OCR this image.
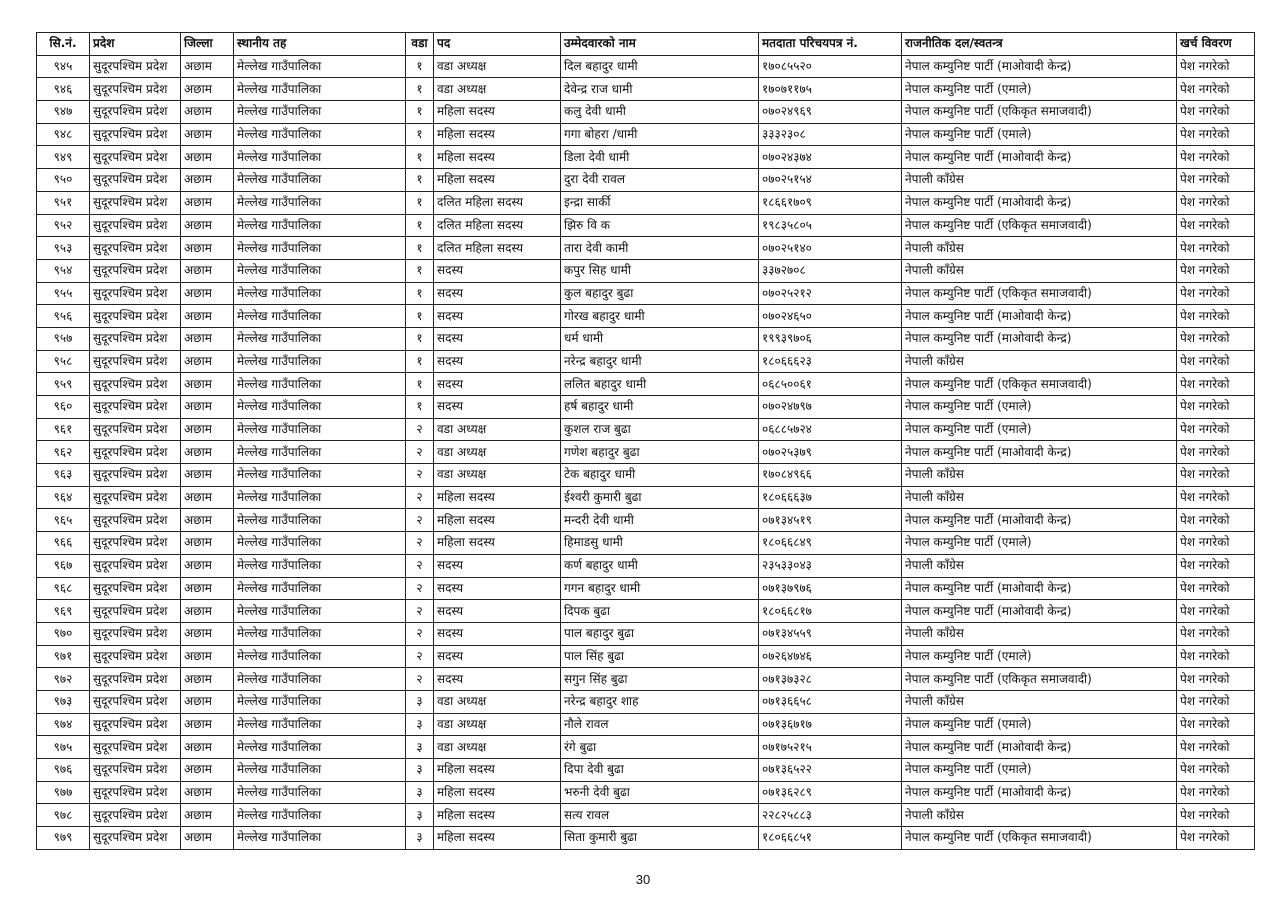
सि.नं.	प्रदेश	जिल्ला	स्थानीय तह	वडा	पद	उम्मेदवारको नाम	मतदाता परिचयपत्र नं.	राजनीतिक दल/स्वतन्त्र	खर्च विवरण
९४५	सुदूरपश्चिम प्रदेश	अछाम	मेल्लेख गाउँपालिका	१	वडा अध्यक्ष	दिल बहादुर धामी	१७०८५५२०	नेपाल कम्युनिष्ट पार्टी (माओवादी केन्द्र)	पेश नगरेको
९४६	सुदूरपश्चिम प्रदेश	अछाम	मेल्लेख गाउँपालिका	१	वडा अध्यक्ष	देवेन्द्र राज धामी	१७०७११७५	नेपाल कम्युनिष्ट पार्टी (एमाले)	पेश नगरेको
९४७	सुदूरपश्चिम प्रदेश	अछाम	मेल्लेख गाउँपालिका	१	महिला सदस्य	कलु देवी धामी	०७०२४९६९	नेपाल कम्युनिष्ट पार्टी (एकिकृत समाजवादी)	पेश नगरेको
९४८	सुदूरपश्चिम प्रदेश	अछाम	मेल्लेख गाउँपालिका	१	महिला सदस्य	गगा बोहरा /धामी	३३३२३०८	नेपाल कम्युनिष्ट पार्टी (एमाले)	पेश नगरेको
९४९	सुदूरपश्चिम प्रदेश	अछाम	मेल्लेख गाउँपालिका	१	महिला सदस्य	डिला देवी धामी	०७०२४३७४	नेपाल कम्युनिष्ट पार्टी (माओवादी केन्द्र)	पेश नगरेको
९५०	सुदूरपश्चिम प्रदेश	अछाम	मेल्लेख गाउँपालिका	१	महिला सदस्य	दुरा देवी रावल	०७०२५१५४	नेपाली काँग्रेस	पेश नगरेको
९५१	सुदूरपश्चिम प्रदेश	अछाम	मेल्लेख गाउँपालिका	१	दलित महिला सदस्य	इन्द्रा सार्की	१८६६१७०९	नेपाल कम्युनिष्ट पार्टी (माओवादी केन्द्र)	पेश नगरेको
९५२	सुदूरपश्चिम प्रदेश	अछाम	मेल्लेख गाउँपालिका	१	दलित महिला सदस्य	झिरु वि क	१९८३५८०५	नेपाल कम्युनिष्ट पार्टी (एकिकृत समाजवादी)	पेश नगरेको
९५३	सुदूरपश्चिम प्रदेश	अछाम	मेल्लेख गाउँपालिका	१	दलित महिला सदस्य	तारा देवी कामी	०७०२५१४०	नेपाली काँग्रेस	पेश नगरेको
९५४	सुदूरपश्चिम प्रदेश	अछाम	मेल्लेख गाउँपालिका	१	सदस्य	कपुर सिह धामी	३३७२७०८	नेपाली काँग्रेस	पेश नगरेको
९५५	सुदूरपश्चिम प्रदेश	अछाम	मेल्लेख गाउँपालिका	१	सदस्य	कुल बहादुर बुढा	०७०२५२१२	नेपाल कम्युनिष्ट पार्टी (एकिकृत समाजवादी)	पेश नगरेको
९५६	सुदूरपश्चिम प्रदेश	अछाम	मेल्लेख गाउँपालिका	१	सदस्य	गोरख बहादुर धामी	०७०२४६५०	नेपाल कम्युनिष्ट पार्टी (माओवादी केन्द्र)	पेश नगरेको
९५७	सुदूरपश्चिम प्रदेश	अछाम	मेल्लेख गाउँपालिका	१	सदस्य	धर्म धामी	१९९३९७०६	नेपाल कम्युनिष्ट पार्टी (माओवादी केन्द्र)	पेश नगरेको
९५८	सुदूरपश्चिम प्रदेश	अछाम	मेल्लेख गाउँपालिका	१	सदस्य	नरेन्द्र बहादुर धामी	१८०६६६२३	नेपाली काँग्रेस	पेश नगरेको
९५९	सुदूरपश्चिम प्रदेश	अछाम	मेल्लेख गाउँपालिका	१	सदस्य	ललित बहादुर धामी	०६८५००६१	नेपाल कम्युनिष्ट पार्टी (एकिकृत समाजवादी)	पेश नगरेको
९६०	सुदूरपश्चिम प्रदेश	अछाम	मेल्लेख गाउँपालिका	१	सदस्य	हर्ष बहादुर धामी	०७०२४७९७	नेपाल कम्युनिष्ट पार्टी (एमाले)	पेश नगरेको
९६१	सुदूरपश्चिम प्रदेश	अछाम	मेल्लेख गाउँपालिका	२	वडा अध्यक्ष	कुशल राज बुढा	०६८८५७२४	नेपाल कम्युनिष्ट पार्टी (एमाले)	पेश नगरेको
९६२	सुदूरपश्चिम प्रदेश	अछाम	मेल्लेख गाउँपालिका	२	वडा अध्यक्ष	गणेश बहादुर बुढा	०७०२५३७९	नेपाल कम्युनिष्ट पार्टी (माओवादी केन्द्र)	पेश नगरेको
९६३	सुदूरपश्चिम प्रदेश	अछाम	मेल्लेख गाउँपालिका	२	वडा अध्यक्ष	टेक बहादुर धामी	१७०८४९६६	नेपाली काँग्रेस	पेश नगरेको
९६४	सुदूरपश्चिम प्रदेश	अछाम	मेल्लेख गाउँपालिका	२	महिला सदस्य	ईश्वरी कुमारी बुढा	१८०६६६३७	नेपाली काँग्रेस	पेश नगरेको
९६५	सुदूरपश्चिम प्रदेश	अछाम	मेल्लेख गाउँपालिका	२	महिला सदस्य	मन्दरी देवी धामी	०७१३४५१९	नेपाल कम्युनिष्ट पार्टी (माओवादी केन्द्र)	पेश नगरेको
९६६	सुदूरपश्चिम प्रदेश	अछाम	मेल्लेख गाउँपालिका	२	महिला सदस्य	हिमाडसु धामी	१८०६६८४९	नेपाल कम्युनिष्ट पार्टी (एमाले)	पेश नगरेको
९६७	सुदूरपश्चिम प्रदेश	अछाम	मेल्लेख गाउँपालिका	२	सदस्य	कर्ण बहादुर धामी	२३५३३०४३	नेपाली काँग्रेस	पेश नगरेको
९६८	सुदूरपश्चिम प्रदेश	अछाम	मेल्लेख गाउँपालिका	२	सदस्य	गगन बहादुर धामी	०७१३७९७६	नेपाल कम्युनिष्ट पार्टी (माओवादी केन्द्र)	पेश नगरेको
९६९	सुदूरपश्चिम प्रदेश	अछाम	मेल्लेख गाउँपालिका	२	सदस्य	दिपक बुढा	१८०६६८१७	नेपाल कम्युनिष्ट पार्टी (माओवादी केन्द्र)	पेश नगरेको
९७०	सुदूरपश्चिम प्रदेश	अछाम	मेल्लेख गाउँपालिका	२	सदस्य	पाल बहादुर बुढा	०७१३४५५९	नेपाली काँग्रेस	पेश नगरेको
९७१	सुदूरपश्चिम प्रदेश	अछाम	मेल्लेख गाउँपालिका	२	सदस्य	पाल सिंह बुढा	०७२६४७४६	नेपाल कम्युनिष्ट पार्टी (एमाले)	पेश नगरेको
९७२	सुदूरपश्चिम प्रदेश	अछाम	मेल्लेख गाउँपालिका	२	सदस्य	सगुन सिंह बुढा	०७१३७३२८	नेपाल कम्युनिष्ट पार्टी (एकिकृत समाजवादी)	पेश नगरेको
९७३	सुदूरपश्चिम प्रदेश	अछाम	मेल्लेख गाउँपालिका	३	वडा अध्यक्ष	नरेन्द्र बहादुर शाह	०७१३६६५८	नेपाली काँग्रेस	पेश नगरेको
९७४	सुदूरपश्चिम प्रदेश	अछाम	मेल्लेख गाउँपालिका	३	वडा अध्यक्ष	नौले रावल	०७१३६७१७	नेपाल कम्युनिष्ट पार्टी (एमाले)	पेश नगरेको
९७५	सुदूरपश्चिम प्रदेश	अछाम	मेल्लेख गाउँपालिका	३	वडा अध्यक्ष	रंगे बुढा	०७१७५२१५	नेपाल कम्युनिष्ट पार्टी (माओवादी केन्द्र)	पेश नगरेको
९७६	सुदूरपश्चिम प्रदेश	अछाम	मेल्लेख गाउँपालिका	३	महिला सदस्य	दिपा देवी बुढा	०७१३६५२२	नेपाल कम्युनिष्ट पार्टी (एमाले)	पेश नगरेको
९७७	सुदूरपश्चिम प्रदेश	अछाम	मेल्लेख गाउँपालिका	३	महिला सदस्य	भरुनी देवी बुढा	०७१३६२८९	नेपाल कम्युनिष्ट पार्टी (माओवादी केन्द्र)	पेश नगरेको
९७८	सुदूरपश्चिम प्रदेश	अछाम	मेल्लेख गाउँपालिका	३	महिला सदस्य	सत्य रावल	२२८२५८८३	नेपाली काँग्रेस	पेश नगरेको
९७९	सुदूरपश्चिम प्रदेश	अछाम	मेल्लेख गाउँपालिका	३	महिला सदस्य	सिता कुमारी बुढा	१८०६६८५१	नेपाल कम्युनिष्ट पार्टी (एकिकृत समाजवादी)	पेश नगरेको
30
